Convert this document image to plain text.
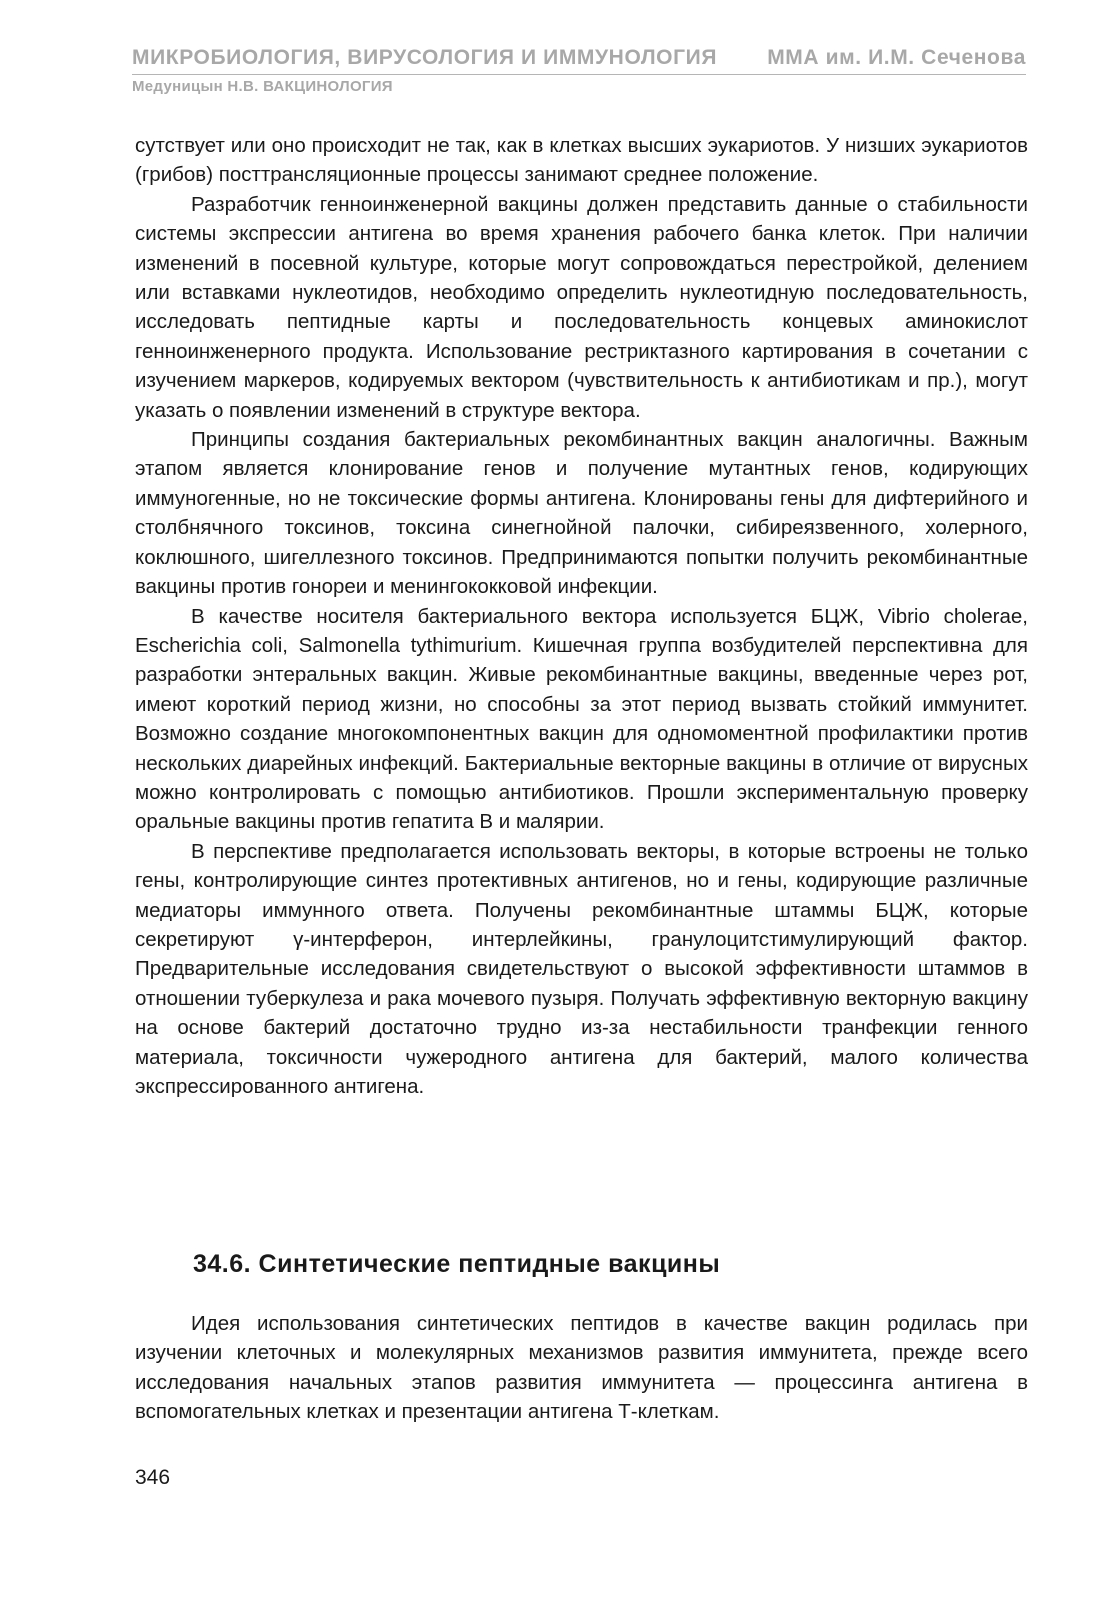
МИКРОБИОЛОГИЯ, ВИРУСОЛОГИЯ И ИММУНОЛОГИЯ ММА им. И.М. Сеченова
Медуницын Н.В. ВАКЦИНОЛОГИЯ

сутствует или оно происходит не так, как в клетках высших эукариотов. У низших эукариотов (грибов) посттрансляционные процессы занимают среднее положение.

Разработчик генноинженерной вакцины должен представить данные о стабильности системы экспрессии антигена во время хранения рабочего банка клеток. При наличии изменений в посевной культуре, которые могут сопровождаться перестройкой, делением или вставками нуклеотидов, необходимо определить нуклеотидную последовательность, исследовать пептидные карты и последовательность концевых аминокислот генноинженерного продукта. Использование рестриктазного картирования в сочетании с изучением маркеров, кодируемых вектором (чувствительность к антибиотикам и пр.), могут указать о появлении изменений в структуре вектора.

Принципы создания бактериальных рекомбинантных вакцин аналогичны. Важным этапом является клонирование генов и получение мутантных генов, кодирующих иммуногенные, но не токсические формы антигена. Клонированы гены для дифтерийного и столбнячного токсинов, токсина синегнойной палочки, сибиреязвенного, холерного, коклюшного, шигеллезного токсинов. Предпринимаются попытки получить рекомбинантные вакцины против гонореи и менингококковой инфекции.

В качестве носителя бактериального вектора используется БЦЖ, Vibrio cholerae, Escherichia coli, Salmonella tythimurium. Кишечная группа возбудителей перспективна для разработки энтеральных вакцин. Живые рекомбинантные вакцины, введенные через рот, имеют короткий период жизни, но способны за этот период вызвать стойкий иммунитет. Возможно создание многокомпонентных вакцин для одномоментной профилактики против нескольких диарейных инфекций. Бактериальные векторные вакцины в отличие от вирусных можно контролировать с помощью антибиотиков. Прошли экспериментальную проверку оральные вакцины против гепатита В и малярии.

В перспективе предполагается использовать векторы, в которые встроены не только гены, контролирующие синтез протективных антигенов, но и гены, кодирующие различные медиаторы иммунного ответа. Получены рекомбинантные штаммы БЦЖ, которые секретируют γ-интерферон, интерлейкины, гранулоцитстимулирующий фактор. Предварительные исследования свидетельствуют о высокой эффективности штаммов в отношении туберкулеза и рака мочевого пузыря. Получать эффективную векторную вакцину на основе бактерий достаточно трудно из-за нестабильности транфекции генного материала, токсичности чужеродного антигена для бактерий, малого количества экспрессированного антигена.

34.6. Синтетические пептидные вакцины

Идея использования синтетических пептидов в качестве вакцин родилась при изучении клеточных и молекулярных механизмов развития иммунитета, прежде всего исследования начальных этапов развития иммунитета — процессинга антигена в вспомогательных клетках и презентации антигена Т-клеткам.

346
